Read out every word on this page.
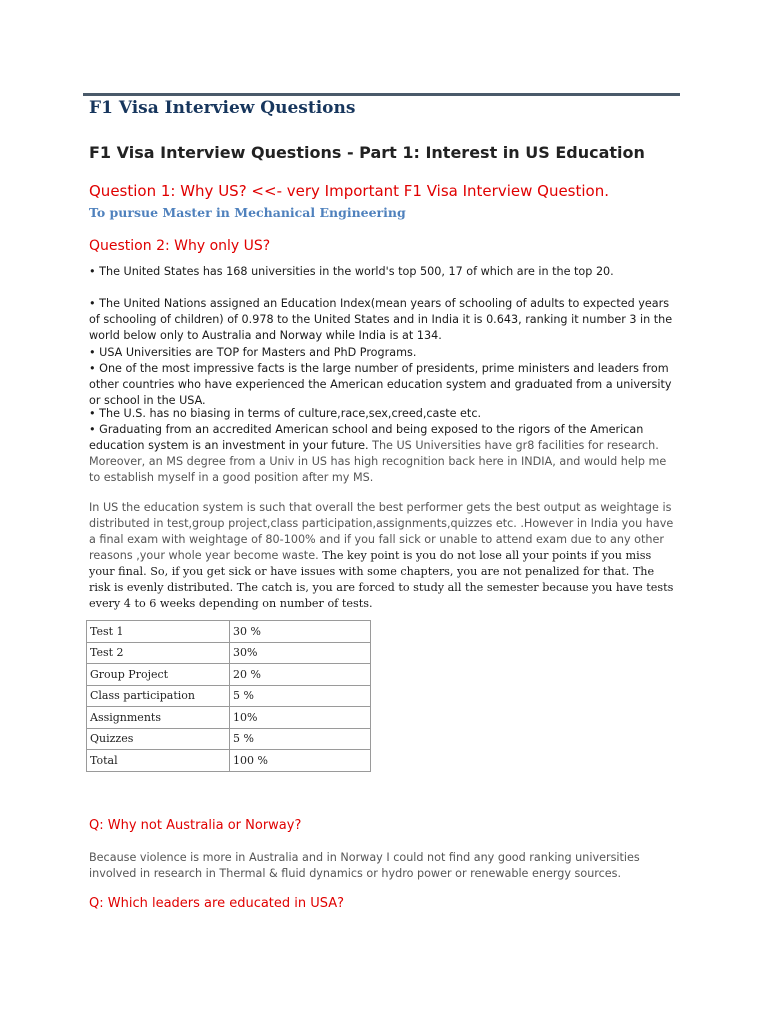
F1 Visa Interview Questions
F1 Visa Interview Questions - Part 1: Interest in US Education
Question 1: Why US? <<- very Important F1 Visa Interview Question.
To pursue Master in Mechanical Engineering
Question 2: Why only US?

• The United States has 168 universities in the world's top 500, 17 of which are in the top 20.

• The United Nations assigned an Education Index(mean years of schooling of adults to expected years of schooling of children) of 0.978 to the United States and in India it is 0.643, ranking it number 3 in the world below only to Australia and Norway while India is at 134.

• USA Universities are TOP for Masters and PhD Programs.

• One of the most impressive facts is the large number of presidents, prime ministers and leaders from other countries who have experienced the American education system and graduated from a university or school in the USA.

• The U.S. has no biasing in terms of culture,race,sex,creed,caste etc.

• Graduating from an accredited American school and being exposed to the rigors of the American education system is an investment in your future. The US Universities have gr8 facilities for research. Moreover, an MS degree from a Univ in US has high recognition back here in INDIA, and would help me to establish myself in a good position after my MS.

In US the education system is such that overall the best performer gets the best output as weightage is distributed in test,group project,class participation,assignments,quizzes etc. .However in India you have a final exam with weightage of 80-100% and if you fall sick or unable to attend exam due to any other reasons ,your whole year become waste. The key point is you do not lose all your points if you miss your final. So, if you get sick or have issues with some chapters, you are not penalized for that. The risk is evenly distributed. The catch is, you are forced to study all the semester because you have tests every 4 to 6 weeks depending on number of tests.

Test 1	30 %
Test 2	30%
Group Project	20 %
Class participation	5 %
Assignments	10%
Quizzes	5 %
Total	100 %
Q: Why not Australia or Norway?

Because violence is more in Australia and in Norway I could not find any good ranking universities involved in research in Thermal & fluid dynamics or hydro power or renewable energy sources.

Q: Which leaders are educated in USA?
